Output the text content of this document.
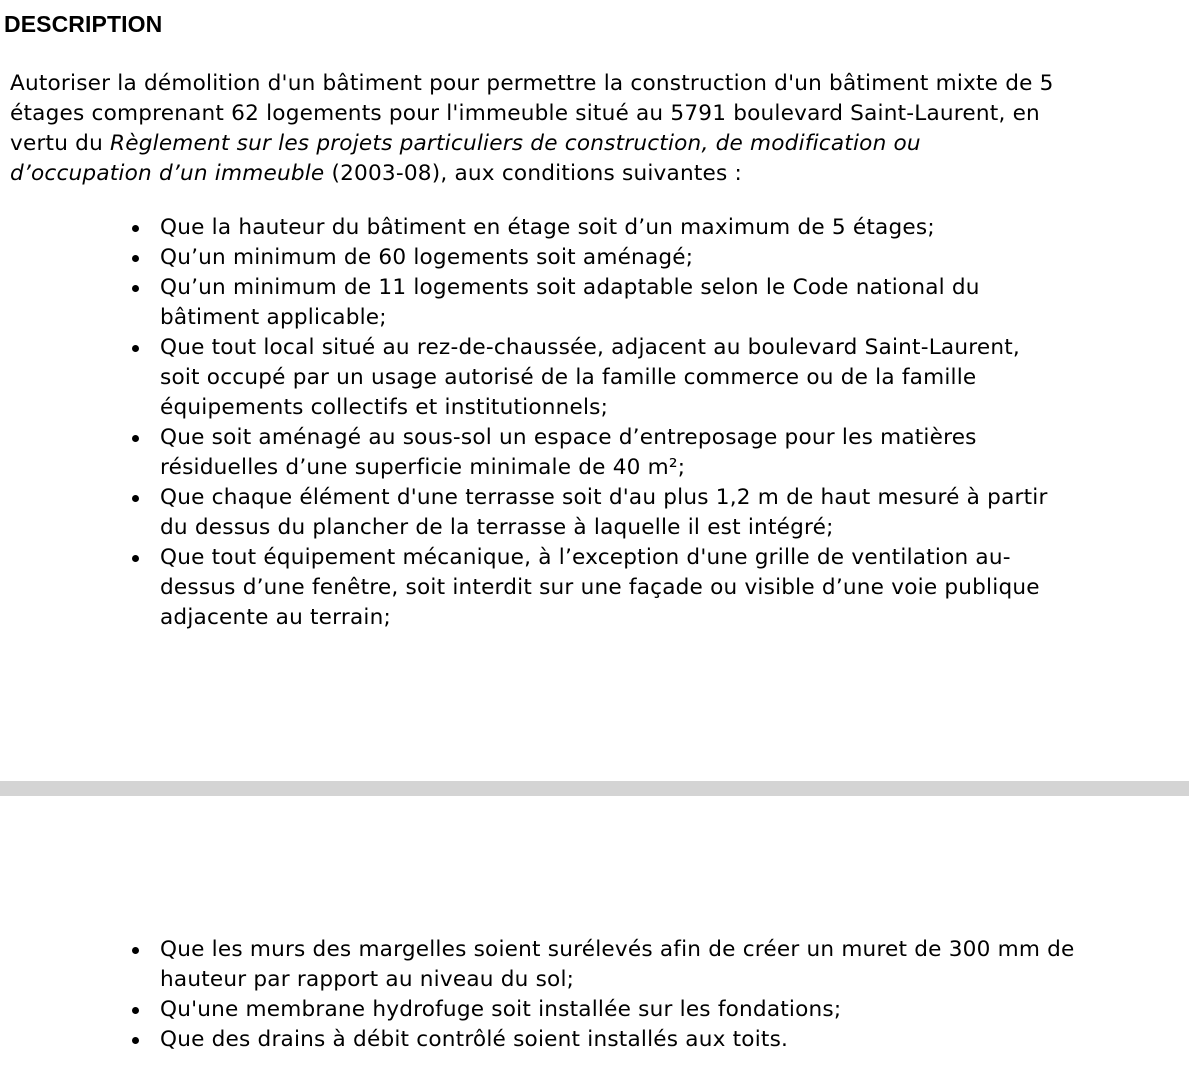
DESCRIPTION

Autoriser la démolition d'un bâtiment pour permettre la construction d'un bâtiment mixte de 5
étages comprenant 62 logements pour l'immeuble situé au 5791 boulevard Saint-Laurent, en
vertu du Règlement sur les projets particuliers de construction, de modification ou
d’occupation d’un immeuble (2003-08), aux conditions suivantes :

Que la hauteur du bâtiment en étage soit d’un maximum de 5 étages;
Qu’un minimum de 60 logements soit aménagé;
Qu’un minimum de 11 logements soit adaptable selon le Code national du
bâtiment applicable;
Que tout local situé au rez-de-chaussée, adjacent au boulevard Saint-Laurent,
soit occupé par un usage autorisé de la famille commerce ou de la famille
équipements collectifs et institutionnels;
Que soit aménagé au sous-sol un espace d’entreposage pour les matières
résiduelles d’une superficie minimale de 40 m²;
Que chaque élément d'une terrasse soit d'au plus 1,2 m de haut mesuré à partir
du dessus du plancher de la terrasse à laquelle il est intégré;
Que tout équipement mécanique, à l’exception d'une grille de ventilation au-
dessus d’une fenêtre, soit interdit sur une façade ou visible d’une voie publique
adjacente au terrain;
Que les murs des margelles soient surélevés afin de créer un muret de 300 mm de
hauteur par rapport au niveau du sol;
Qu'une membrane hydrofuge soit installée sur les fondations;
Que des drains à débit contrôlé soient installés aux toits.
